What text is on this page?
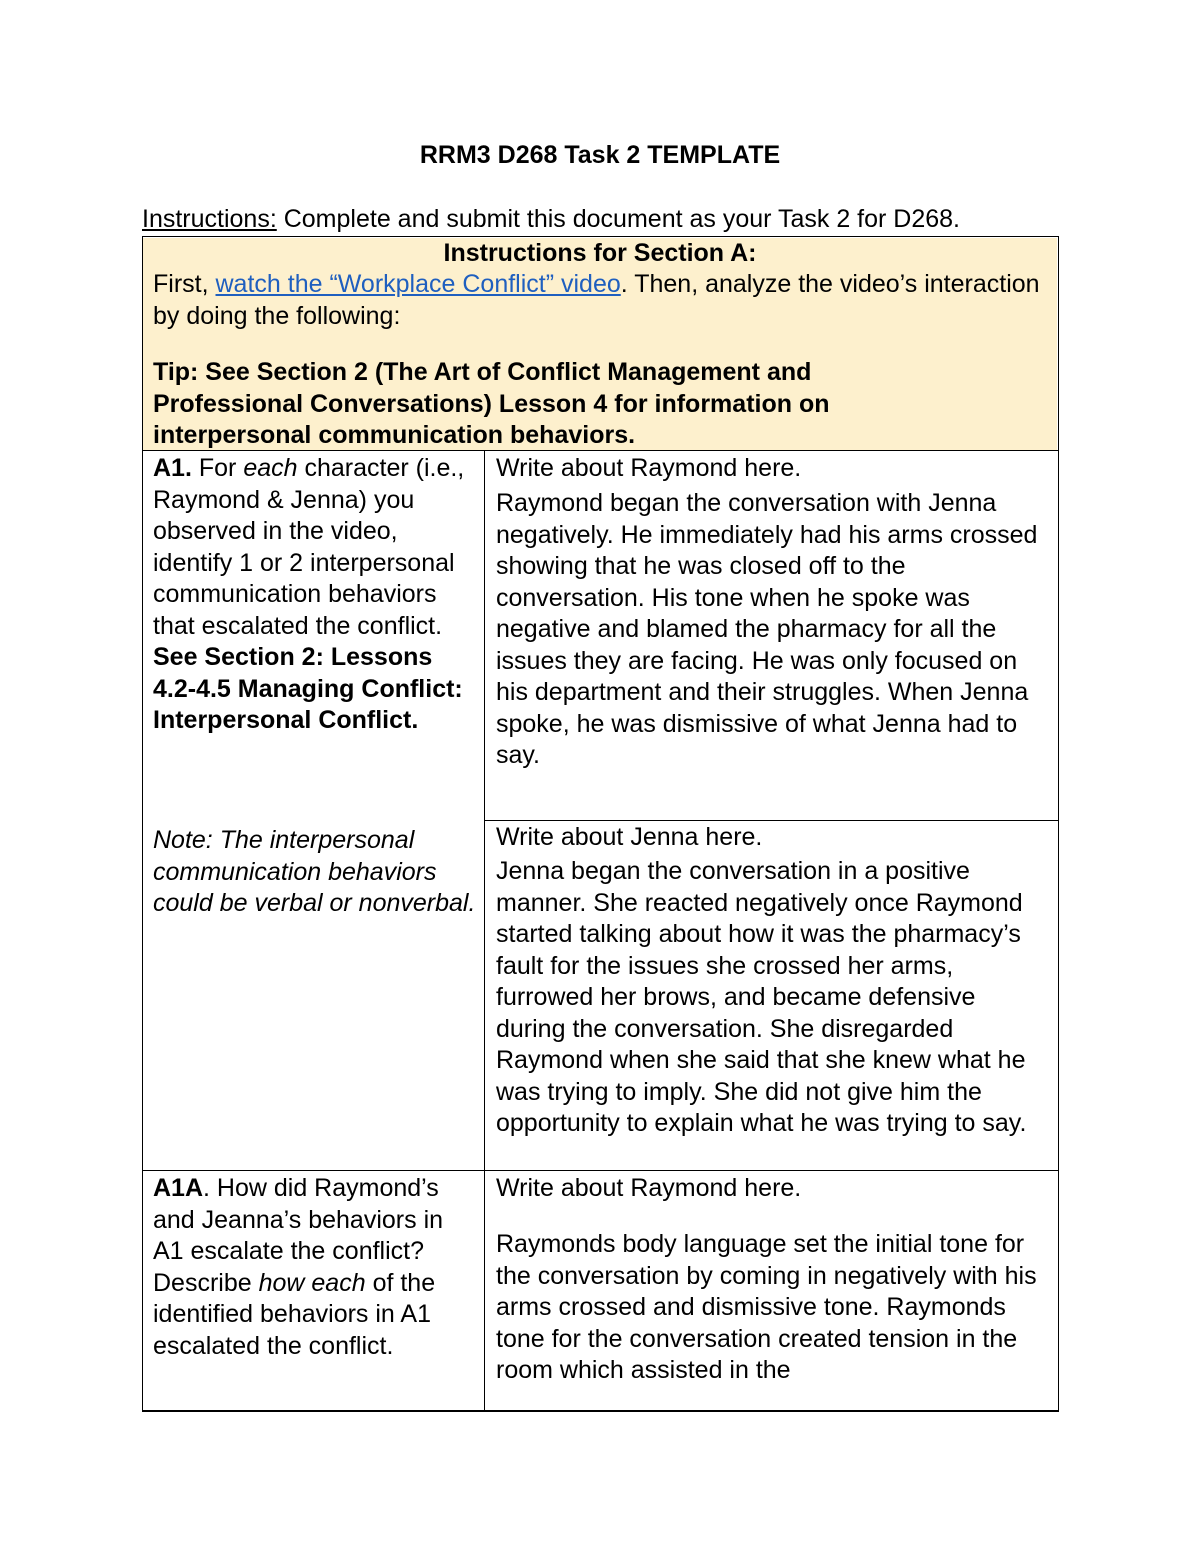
RRM3 D268 Task 2 TEMPLATE
Instructions: Complete and submit this document as your Task 2 for D268.
Instructions for Section A:
First, watch the “Workplace Conflict” video. Then, analyze the video’s interaction by doing the following:
Tip: See Section 2 (The Art of Conflict Management and Professional Conversations) Lesson 4 for information on interpersonal communication behaviors.
A1. For each character (i.e., Raymond & Jenna) you observed in the video, identify 1 or 2 interpersonal communication behaviors that escalated the conflict. See Section 2: Lessons 4.2-4.5 Managing Conflict: Interpersonal Conflict.
Note: The interpersonal communication behaviors could be verbal or nonverbal.
Write about Raymond here.
Raymond began the conversation with Jenna negatively. He immediately had his arms crossed showing that he was closed off to the conversation. His tone when he spoke was negative and blamed the pharmacy for all the issues they are facing. He was only focused on his department and their struggles. When Jenna spoke, he was dismissive of what Jenna had to say.
Write about Jenna here.
Jenna began the conversation in a positive manner. She reacted negatively once Raymond started talking about how it was the pharmacy’s fault for the issues she crossed her arms, furrowed her brows, and became defensive during the conversation. She disregarded Raymond when she said that she knew what he was trying to imply. She did not give him the opportunity to explain what he was trying to say.
A1A. How did Raymond’s and Jeanna’s behaviors in A1 escalate the conflict? Describe how each of the identified behaviors in A1 escalated the conflict.
Write about Raymond here.
Raymonds body language set the initial tone for the conversation by coming in negatively with his arms crossed and dismissive tone. Raymonds tone for the conversation created tension in the room which assisted in the
